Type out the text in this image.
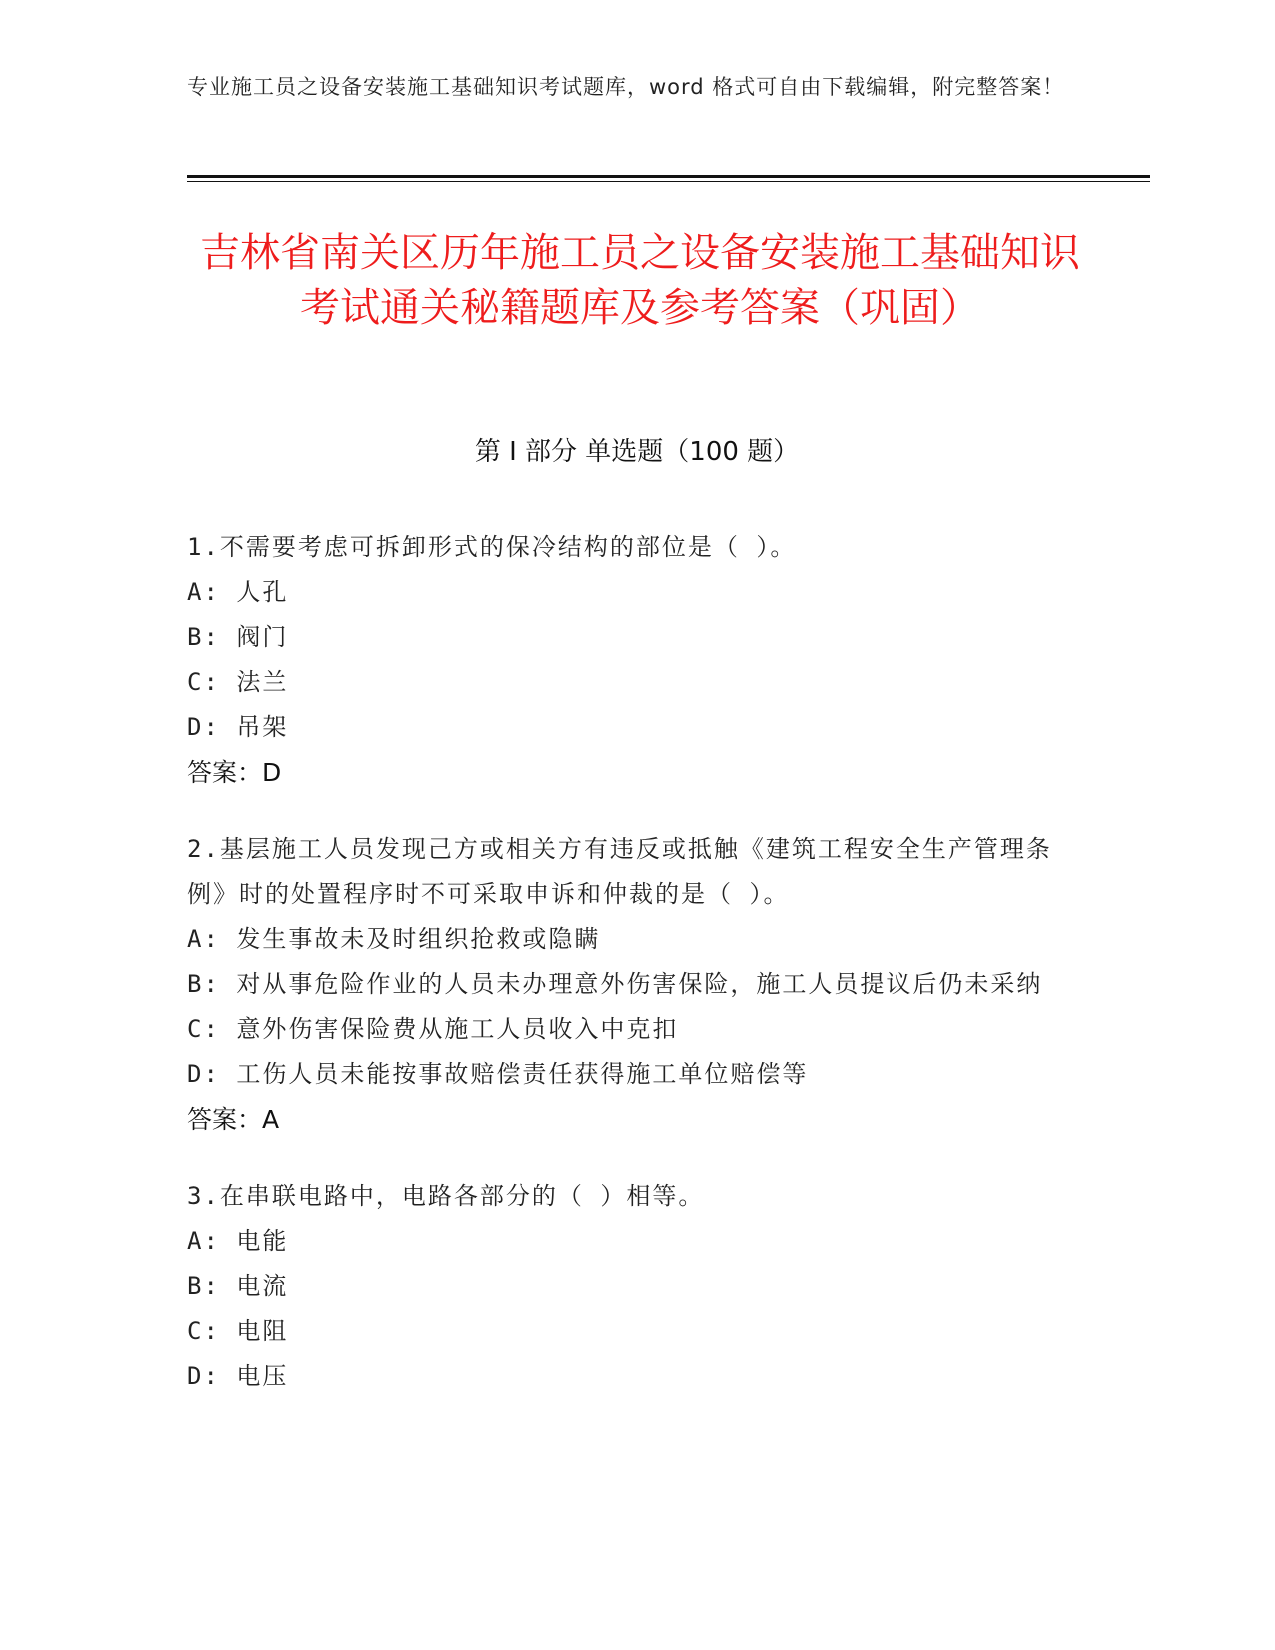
专业施工员之设备安装施工基础知识考试题库，word 格式可自由下载编辑，附完整答案！
吉林省南关区历年施工员之设备安装施工基础知识考试通关秘籍题库及参考答案（巩固）
第 I 部分 单选题（100 题）
1.不需要考虑可拆卸形式的保冷结构的部位是（ ）。
A: 人孔
B: 阀门
C: 法兰
D: 吊架
答案：D
2.基层施工人员发现己方或相关方有违反或抵触《建筑工程安全生产管理条例》时的处置程序时不可采取申诉和仲裁的是（ ）。
A: 发生事故未及时组织抢救或隐瞒
B: 对从事危险作业的人员未办理意外伤害保险，施工人员提议后仍未采纳
C: 意外伤害保险费从施工人员收入中克扣
D: 工伤人员未能按事故赔偿责任获得施工单位赔偿等
答案：A
3.在串联电路中，电路各部分的（ ）相等。
A: 电能
B: 电流
C: 电阻
D: 电压
